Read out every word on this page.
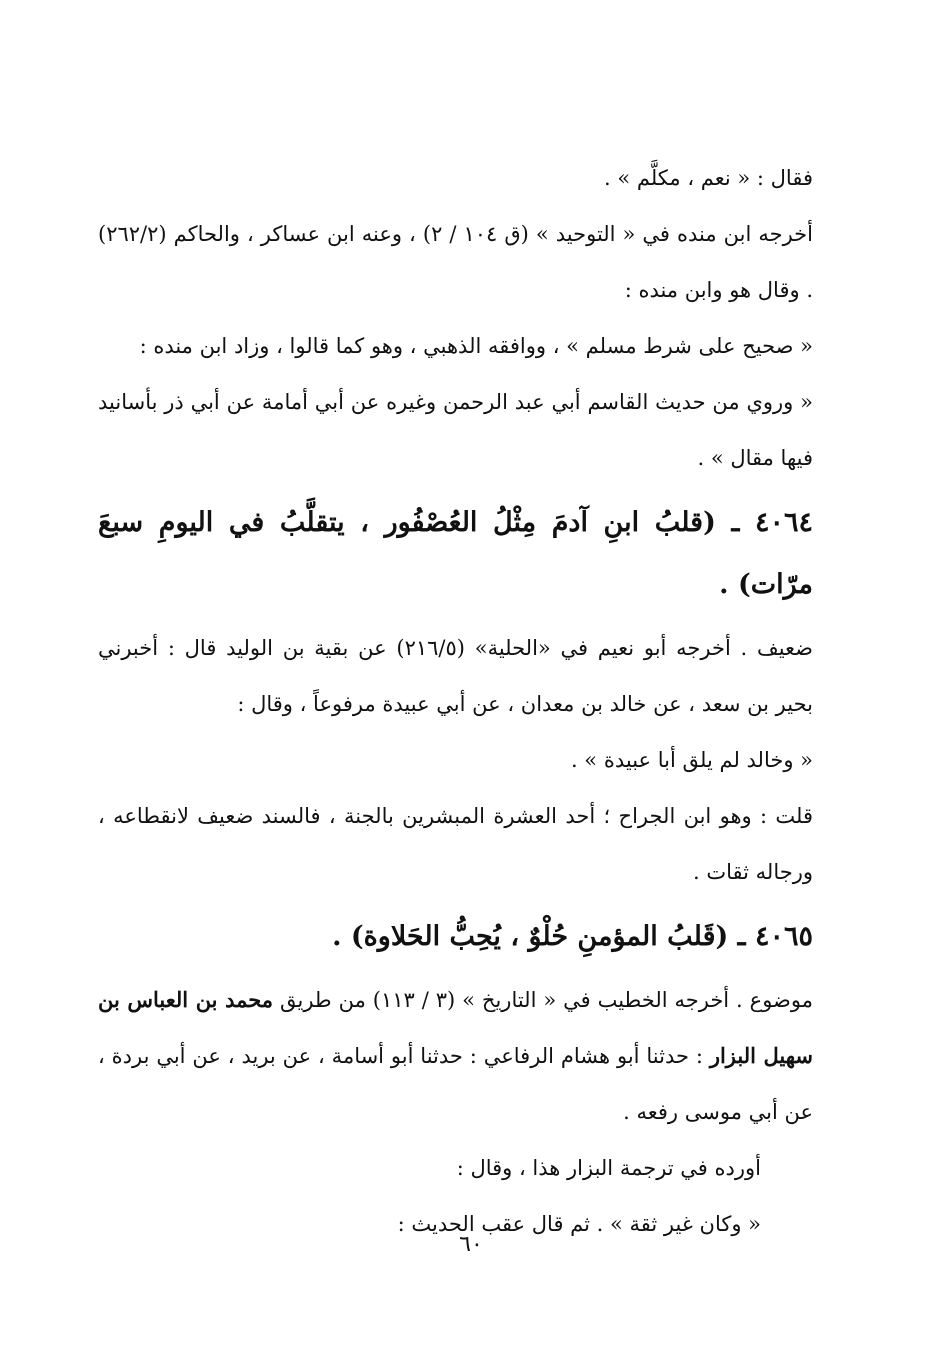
فقال : « نعم ، مكلَّم » .

أخرجه ابن منده في « التوحيد » (ق ١٠٤ / ٢) ، وعنه ابن عساكر ، والحاكم (٢٦٢/٢) . وقال هو وابن منده :

« صحيح على شرط مسلم » ، ووافقه الذهبي ، وهو كما قالوا ، وزاد ابن منده :

« وروي من حديث القاسم أبي عبد الرحمن وغيره عن أبي أمامة عن أبي ذر بأسانيد فيها مقال » .

٤٠٦٤ ـ (قلبُ ابنِ آدمَ مِثْلُ العُصْفُور ، يتقلَّبُ في اليومِ سبعَ مرّات) .

ضعيف . أخرجه أبو نعيم في «الحلية» (٢١٦/٥) عن بقية بن الوليد قال : أخبرني بحير بن سعد ، عن خالد بن معدان ، عن أبي عبيدة مرفوعاً ، وقال :

« وخالد لم يلق أبا عبيدة » .

قلت : وهو ابن الجراح ؛ أحد العشرة المبشرين بالجنة ، فالسند ضعيف لانقطاعه ، ورجاله ثقات .

٤٠٦٥ ـ (قَلبُ المؤمنِ حُلْوٌ ، يُحِبُّ الحَلاوة) .

موضوع . أخرجه الخطيب في « التاريخ » (٣ / ١١٣) من طريق محمد بن العباس بن سهيل البزار : حدثنا أبو هشام الرفاعي : حدثنا أبو أسامة ، عن بريد ، عن أبي بردة ، عن أبي موسى رفعه .

أورده في ترجمة البزار هذا ، وقال :

« وكان غير ثقة » . ثم قال عقب الحديث :

٦٠
